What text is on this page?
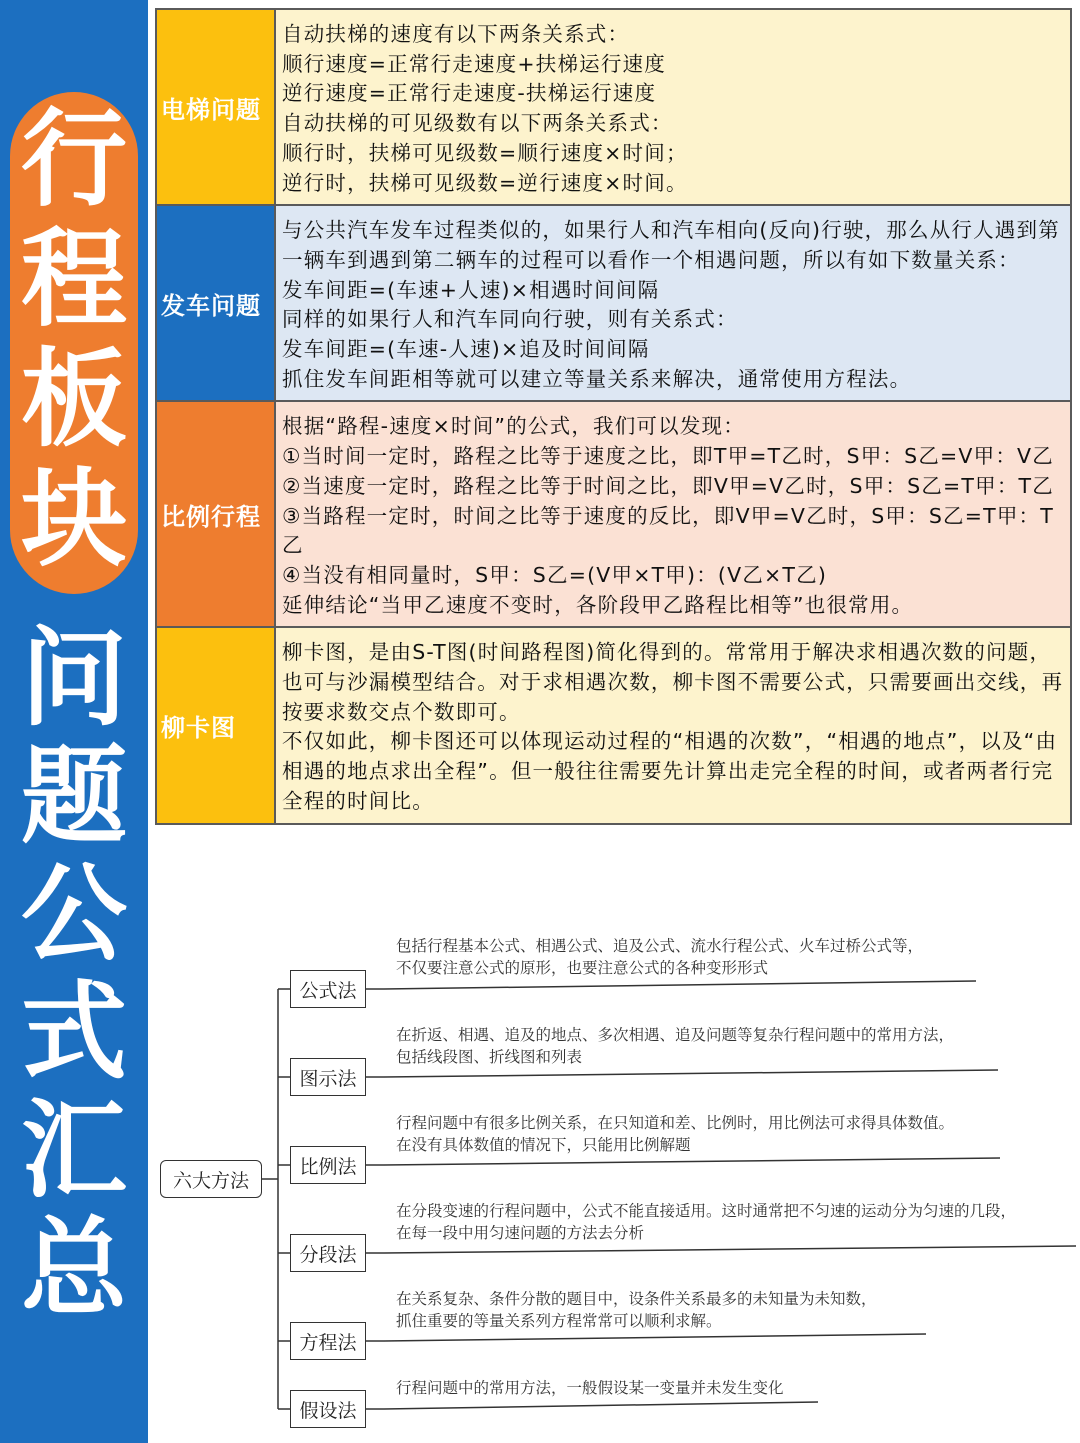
行
程
板
块
问
题
公
式
汇
总
电梯问题
自动扶梯的速度有以下两条关系式：
顺行速度=正常行走速度+扶梯运行速度
逆行速度=正常行走速度-扶梯运行速度
自动扶梯的可见级数有以下两条关系式：
顺行时，扶梯可见级数=顺行速度×时间；
逆行时，扶梯可见级数=逆行速度×时间。
发车问题
与公共汽车发车过程类似的，如果行人和汽车相向(反向)行驶，那么从行人遇到第一辆车到遇到第二辆车的过程可以看作一个相遇问题，所以有如下数量关系：
发车间距=(车速+人速)×相遇时间间隔
同样的如果行人和汽车同向行驶，则有关系式：
发车间距=(车速-人速)×追及时间间隔
抓住发车间距相等就可以建立等量关系来解决，通常使用方程法。
比例行程
根据“路程-速度×时间”的公式，我们可以发现：
①当时间一定时，路程之比等于速度之比，即T甲=T乙时，S甲：S乙=V甲：V乙
②当速度一定时，路程之比等于时间之比，即V甲=V乙时，S甲：S乙=T甲：T乙
③当路程一定时，时间之比等于速度的反比，即V甲=V乙时，S甲：S乙=T甲：T乙
④当没有相同量时，S甲：S乙=(V甲×T甲)：(V乙×T乙)
延伸结论“当甲乙速度不变时，各阶段甲乙路程比相等”也很常用。
柳卡图
柳卡图，是由S-T图(时间路程图)简化得到的。常常用于解决求相遇次数的问题，也可与沙漏模型结合。对于求相遇次数，柳卡图不需要公式，只需要画出交线，再按要求数交点个数即可。
不仅如此，柳卡图还可以体现运动过程的“相遇的次数”，“相遇的地点”，以及“由相遇的地点求出全程”。但一般往往需要先计算出走完全程的时间，或者两者行完全程的时间比。
六大方法
公式法
包括行程基本公式、相遇公式、追及公式、流水行程公式、火车过桥公式等，
不仅要注意公式的原形，也要注意公式的各种变形形式
图示法
在折返、相遇、追及的地点、多次相遇、追及问题等复杂行程问题中的常用方法，
包括线段图、折线图和列表
比例法
行程问题中有很多比例关系，在只知道和差、比例时，用比例法可求得具体数值。
在没有具体数值的情况下，只能用比例解题
分段法
在分段变速的行程问题中，公式不能直接适用。这时通常把不匀速的运动分为匀速的几段，
在每一段中用匀速问题的方法去分析
方程法
在关系复杂、条件分散的题目中，设条件关系最多的未知量为未知数，
抓住重要的等量关系列方程常常可以顺利求解。
假设法
行程问题中的常用方法，一般假设某一变量并未发生变化
